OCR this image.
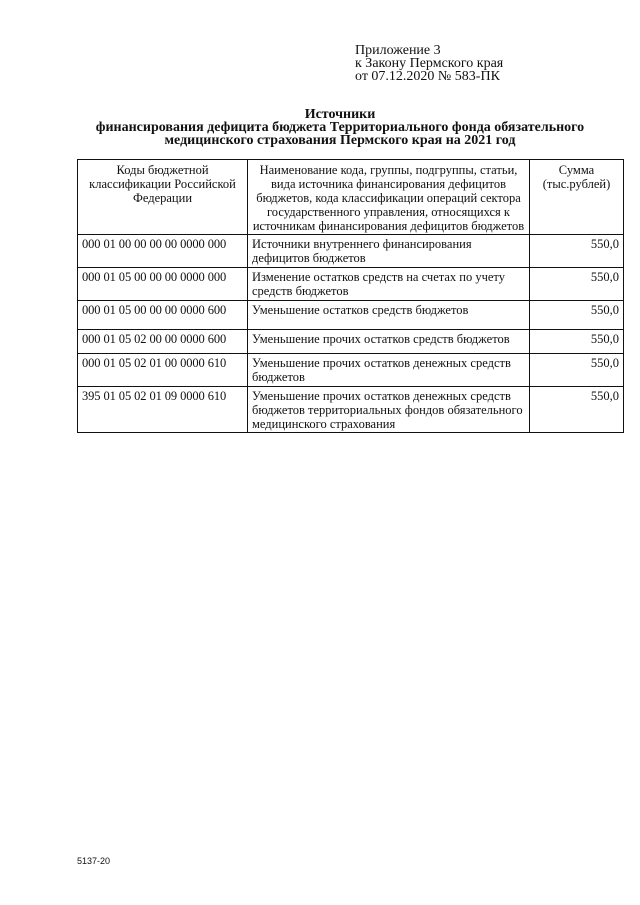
Приложение 3
к Закону Пермского края
от 07.12.2020 № 583-ПК
Источники
финансирования дефицита бюджета Территориального фонда обязательного
медицинского страхования Пермского края на 2021 год
Коды бюджетной классификации Российской Федерации	Наименование кода, группы, подгруппы, статьи, вида источника финансирования дефицитов бюджетов, кода классификации операций сектора государственного управления, относящихся к источникам финансирования дефицитов бюджетов	Сумма (тыс.рублей)
000 01 00 00 00 00 0000 000	Источники внутреннего финансирования дефицитов бюджетов	550,0
000 01 05 00 00 00 0000 000	Изменение остатков средств на счетах по учету средств бюджетов	550,0
000 01 05 00 00 00 0000 600	Уменьшение остатков средств бюджетов	550,0
000 01 05 02 00 00 0000 600	Уменьшение прочих остатков средств бюджетов	550,0
000 01 05 02 01 00 0000 610	Уменьшение прочих остатков денежных средств бюджетов	550,0
395 01 05 02 01 09 0000 610	Уменьшение прочих остатков денежных средств бюджетов территориальных фондов обязательного медицинского страхования	550,0
5137-20
